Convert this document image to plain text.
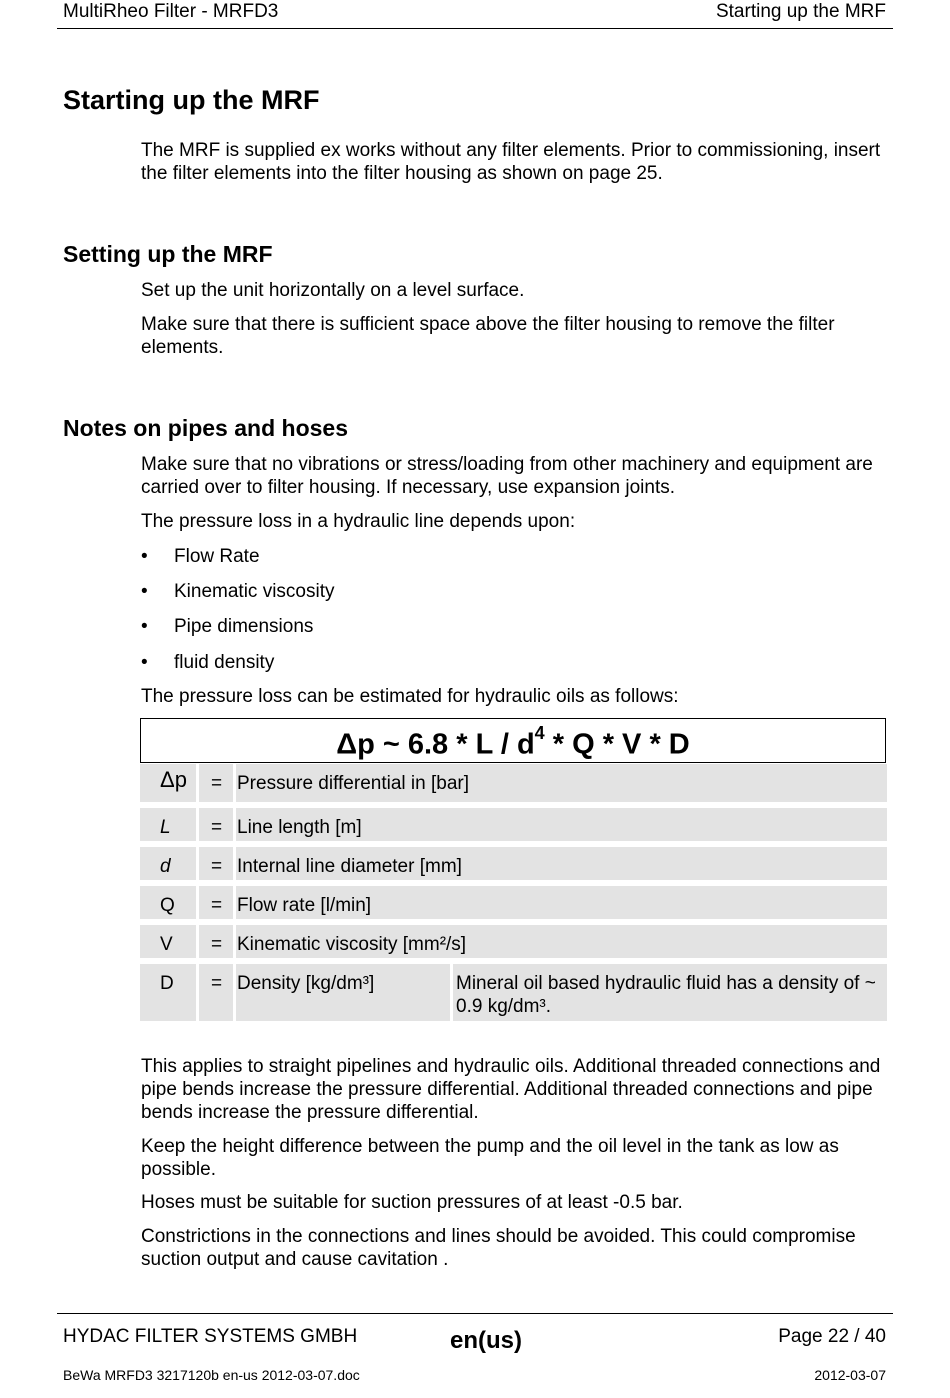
MultiRheo Filter - MRFD3	Starting up the MRF
Starting up the MRF
The MRF is supplied ex works without any filter elements. Prior to commissioning, insert the filter elements into the filter housing as shown on page 25.
Setting up the MRF
Set up the unit horizontally on a level surface.
Make sure that there is sufficient space above the filter housing to remove the filter elements.
Notes on pipes and hoses
Make sure that no vibrations or stress/loading from other machinery and equipment are carried over to filter housing. If necessary, use expansion joints.
The pressure loss in a hydraulic line depends upon:
• Flow Rate
• Kinematic viscosity
• Pipe dimensions
• fluid density
The pressure loss can be estimated for hydraulic oils as follows:
Δp ~ 6.8 * L / $d^4$ * Q * V * D
Δp = Pressure differential in [bar]
L = Line length [m]
d = Internal line diameter [mm]
Q = Flow rate [l/min]
V = Kinematic viscosity [mm²/s]
D = Density [kg/dm³]	Mineral oil based hydraulic fluid has a density of ~ 0.9 kg/dm³.
This applies to straight pipelines and hydraulic oils. Additional threaded connections and pipe bends increase the pressure differential. Additional threaded connections and pipe bends increase the pressure differential.
Keep the height difference between the pump and the oil level in the tank as low as possible.
Hoses must be suitable for suction pressures of at least -0.5 bar.
Constrictions in the connections and lines should be avoided. This could compromise suction output and cause cavitation .
HYDAC FILTER SYSTEMS GMBH	en(us)	Page 22 / 40
BeWa MRFD3 3217120b en-us 2012-03-07.doc	2012-03-07
